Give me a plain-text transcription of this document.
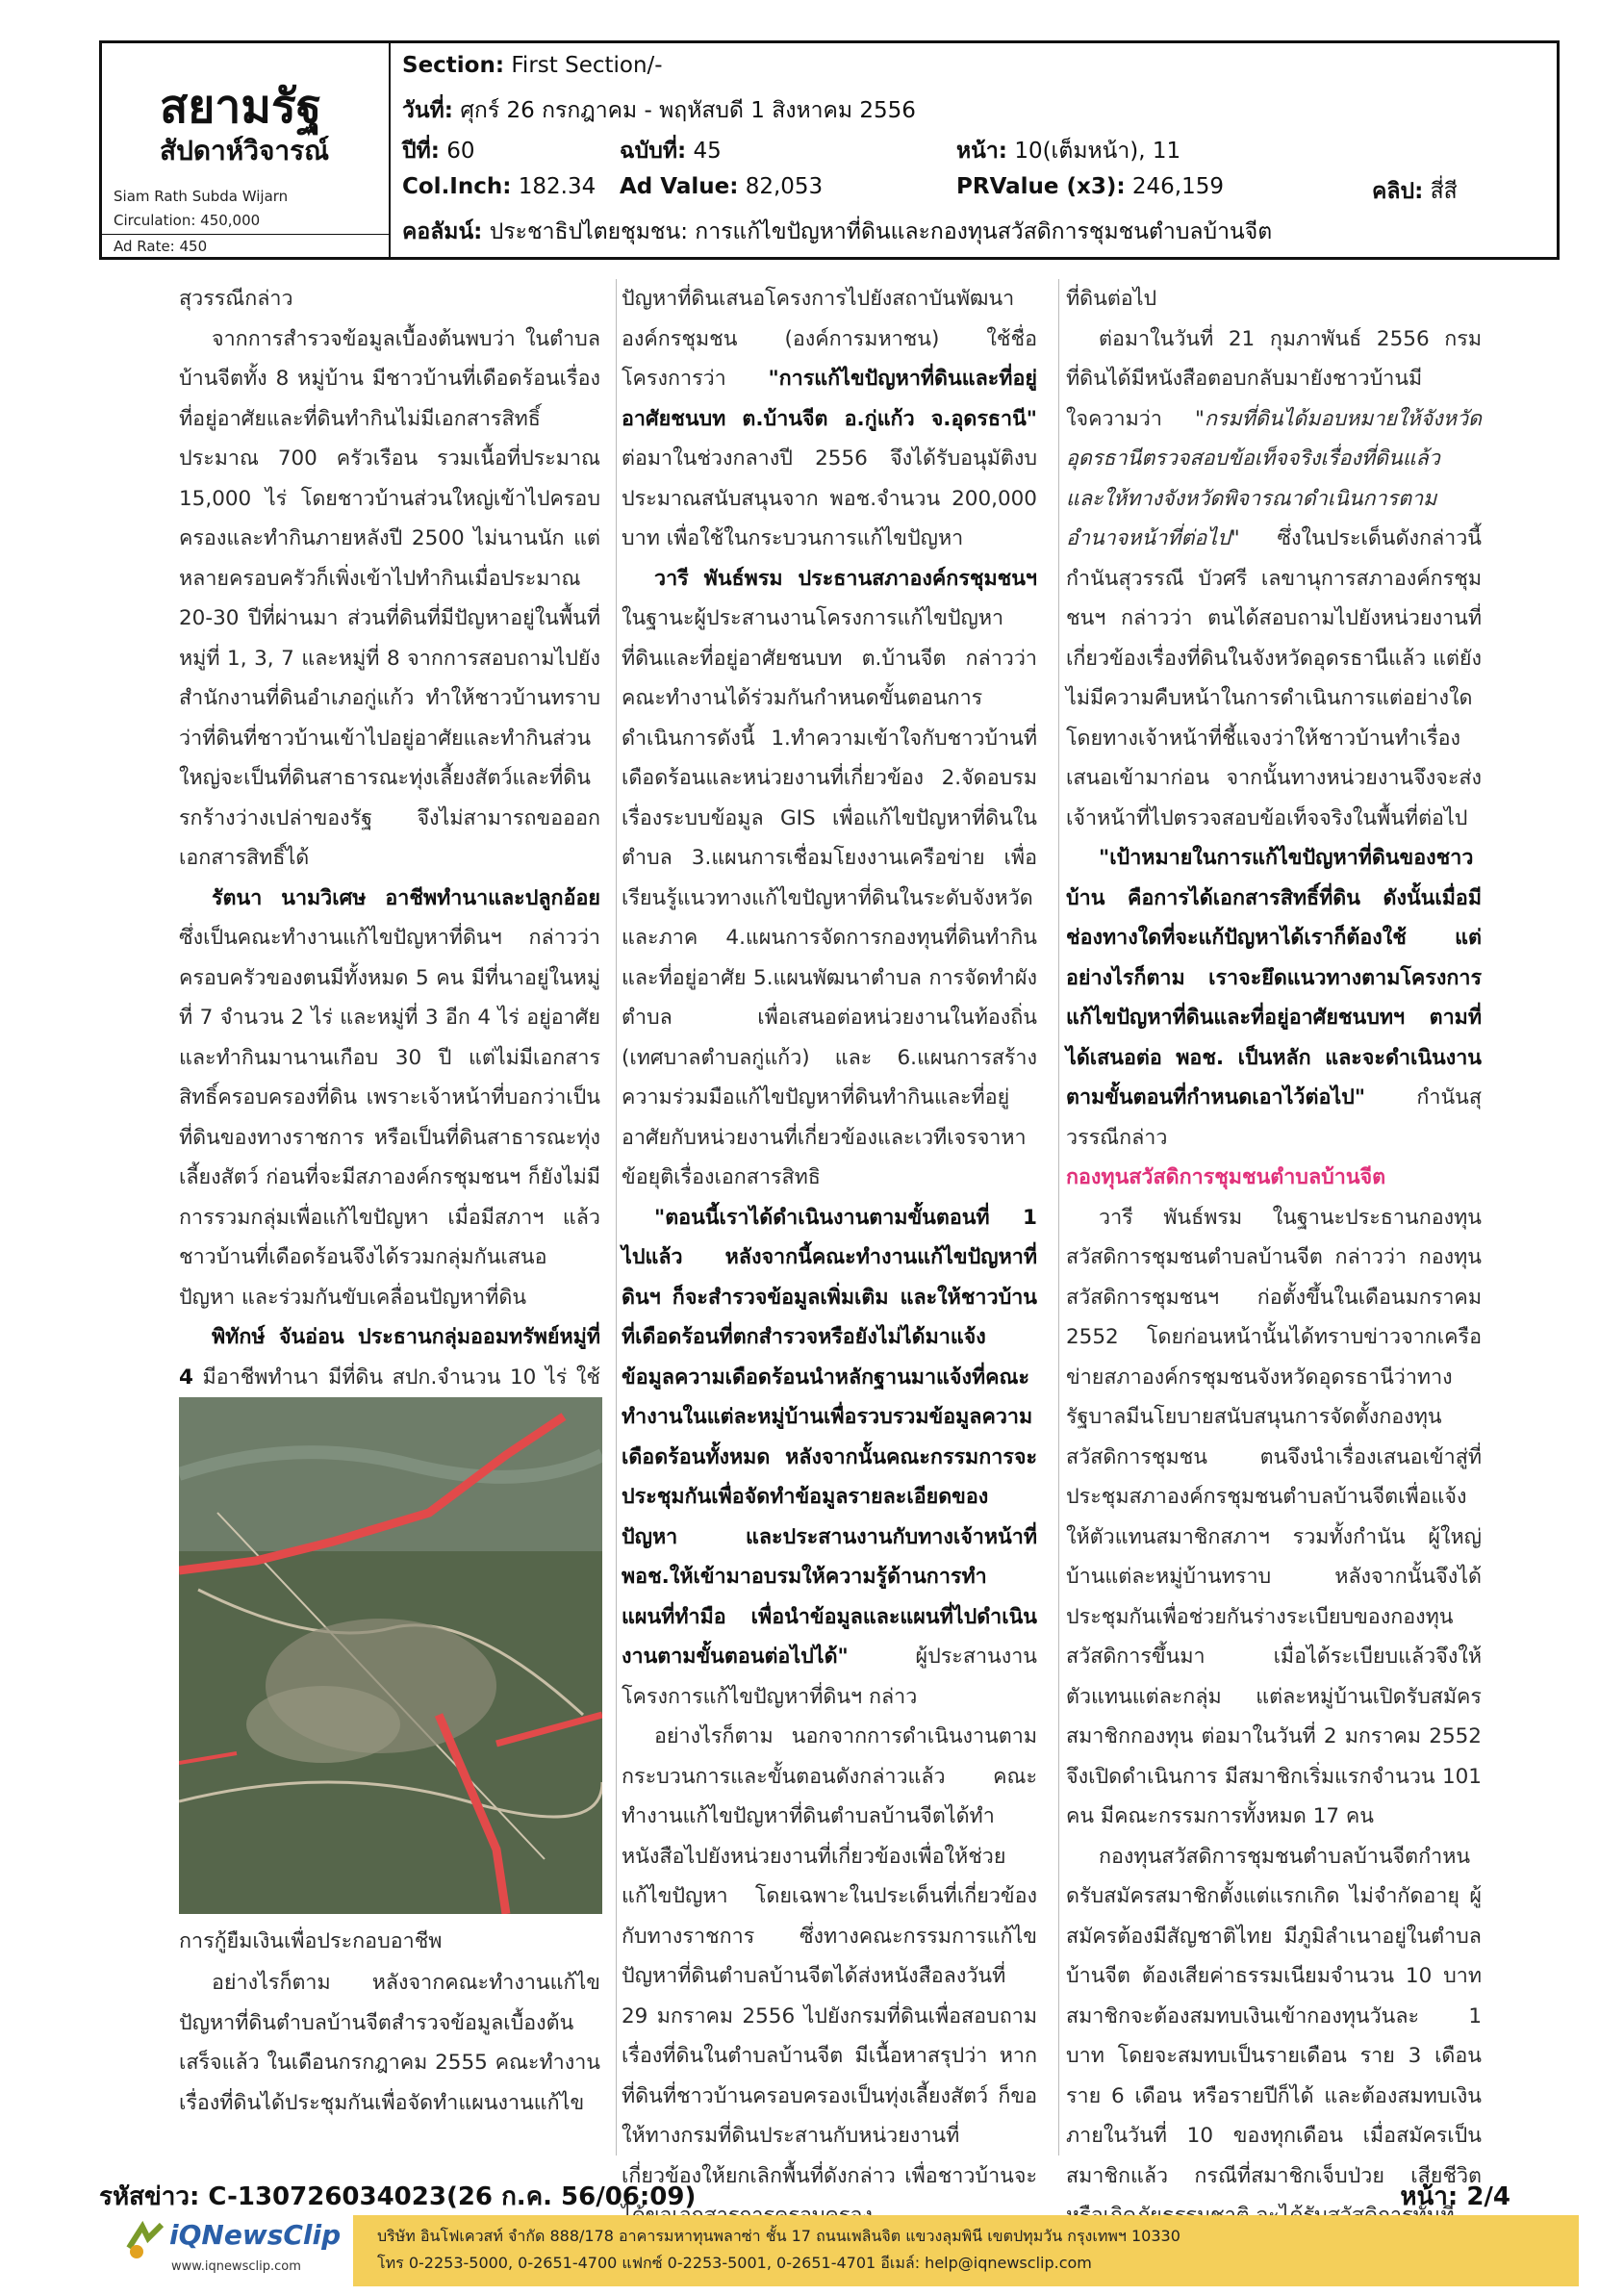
สยามรัฐ
สัปดาห์วิจารณ์
Siam Rath Subda Wijarn
Circulation: 450,000
Ad Rate: 450
Section: First Section/-
วันที่: ศุกร์ 26 กรกฎาคม - พฤหัสบดี 1 สิงหาคม 2556
ปีที่: 60	ฉบับที่: 45	หน้า: 10(เต็มหน้า), 11
Col.Inch: 182.34 Ad Value: 82,053	PRValue (x3): 246,159	คลิป: สี่สี
คอลัมน์: ประชาธิปไตยชุมชน: การแก้ไขปัญหาที่ดินและกองทุนสวัสดิการชุมชนตำบลบ้านจีต

สุวรรณีกล่าว

จากการสำรวจข้อมูลเบื้องต้นพบว่า ในตำบลบ้านจีตทั้ง 8 หมู่บ้าน มีชาวบ้านที่เดือดร้อนเรื่องที่อยู่อาศัยและที่ดินทำกินไม่มีเอกสารสิทธิ์ประมาณ 700 ครัวเรือน รวมเนื้อที่ประมาณ 15,000 ไร่ โดยชาวบ้านส่วนใหญ่เข้าไปครอบครองและทำกินภายหลังปี 2500 ไม่นานนัก แต่หลายครอบครัวก็เพิ่งเข้าไปทำกินเมื่อประมาณ 20-30 ปีที่ผ่านมา ส่วนที่ดินที่มีปัญหาอยู่ในพื้นที่หมู่ที่ 1, 3, 7 และหมู่ที่ 8 จากการสอบถามไปยังสำนักงานที่ดินอำเภอกู่แก้ว ทำให้ชาวบ้านทราบว่าที่ดินที่ชาวบ้านเข้าไปอยู่อาศัยและทำกินส่วนใหญ่จะเป็นที่ดินสาธารณะทุ่งเลี้ยงสัตว์และที่ดินรกร้างว่างเปล่าของรัฐ จึงไม่สามารถขอออกเอกสารสิทธิ์ได้

รัตนา นามวิเศษ อาชีพทำนาและปลูกอ้อย ซึ่งเป็นคณะทำงานแก้ไขปัญหาที่ดินฯ กล่าวว่า ครอบครัวของตนมีทั้งหมด 5 คน มีที่นาอยู่ในหมู่ที่ 7 จำนวน 2 ไร่ และหมู่ที่ 3 อีก 4 ไร่ อยู่อาศัยและทำกินมานานเกือบ 30 ปี แต่ไม่มีเอกสารสิทธิ์ครอบครองที่ดิน เพราะเจ้าหน้าที่บอกว่าเป็นที่ดินของทางราชการ หรือเป็นที่ดินสาธารณะทุ่งเลี้ยงสัตว์ ก่อนที่จะมีสภาองค์กรชุมชนฯ ก็ยังไม่มีการรวมกลุ่มเพื่อแก้ไขปัญหา เมื่อมีสภาฯ แล้วชาวบ้านที่เดือดร้อนจึงได้รวมกลุ่มกันเสนอปัญหา และร่วมกันขับเคลื่อนปัญหาที่ดิน

พิทักษ์ จันอ่อน ประธานกลุ่มออมทรัพย์หมู่ที่ 4 มีอาชีพทำนา มีที่ดิน สปก.จำนวน 10 ไร่ ใช้

การกู้ยืมเงินเพื่อประกอบอาชีพ

อย่างไรก็ตาม หลังจากคณะทำงานแก้ไขปัญหาที่ดินตำบลบ้านจีตสำรวจข้อมูลเบื้องต้นเสร็จแล้ว ในเดือนกรกฎาคม 2555 คณะทำงานเรื่องที่ดินได้ประชุมกันเพื่อจัดทำแผนงานแก้ไข

ปัญหาที่ดินเสนอโครงการไปยังสถาบันพัฒนาองค์กรชุมชน (องค์การมหาชน) ใช้ชื่อโครงการว่า "การแก้ไขปัญหาที่ดินและที่อยู่อาศัยชนบท ต.บ้านจีต อ.กู่แก้ว จ.อุดรธานี" ต่อมาในช่วงกลางปี 2556 จึงได้รับอนุมัติงบประมาณสนับสนุนจาก พอช.จำนวน 200,000 บาท เพื่อใช้ในกระบวนการแก้ไขปัญหา

วารี พันธ์พรม ประธานสภาองค์กรชุมชนฯ ในฐานะผู้ประสานงานโครงการแก้ไขปัญหาที่ดินและที่อยู่อาศัยชนบท ต.บ้านจีต กล่าวว่า คณะทำงานได้ร่วมกันกำหนดขั้นตอนการดำเนินการดังนี้ 1.ทำความเข้าใจกับชาวบ้านที่เดือดร้อนและหน่วยงานที่เกี่ยวข้อง 2.จัดอบรมเรื่องระบบข้อมูล GIS เพื่อแก้ไขปัญหาที่ดินในตำบล 3.แผนการเชื่อมโยงงานเครือข่าย เพื่อเรียนรู้แนวทางแก้ไขปัญหาที่ดินในระดับจังหวัดและภาค 4.แผนการจัดการกองทุนที่ดินทำกินและที่อยู่อาศัย 5.แผนพัฒนาตำบล การจัดทำผังตำบล เพื่อเสนอต่อหน่วยงานในท้องถิ่น (เทศบาลตำบลกู่แก้ว) และ 6.แผนการสร้างความร่วมมือแก้ไขปัญหาที่ดินทำกินและที่อยู่อาศัยกับหน่วยงานที่เกี่ยวข้องและเวทีเจรจาหาข้อยุติเรื่องเอกสารสิทธิ

"ตอนนี้เราได้ดำเนินงานตามขั้นตอนที่ 1 ไปแล้ว หลังจากนี้คณะทำงานแก้ไขปัญหาที่ดินฯ ก็จะสำรวจข้อมูลเพิ่มเติม และให้ชาวบ้านที่เดือดร้อนที่ตกสำรวจหรือยังไม่ได้มาแจ้งข้อมูลความเดือดร้อนนำหลักฐานมาแจ้งที่คณะทำงานในแต่ละหมู่บ้านเพื่อรวบรวมข้อมูลความเดือดร้อนทั้งหมด หลังจากนั้นคณะกรรมการจะประชุมกันเพื่อจัดทำข้อมูลรายละเอียดของปัญหา และประสานงานกับทางเจ้าหน้าที่ พอช.ให้เข้ามาอบรมให้ความรู้ด้านการทำแผนที่ทำมือ เพื่อนำข้อมูลและแผนที่ไปดำเนินงานตามขั้นตอนต่อไปได้" ผู้ประสานงานโครงการแก้ไขปัญหาที่ดินฯ กล่าว

อย่างไรก็ตาม นอกจากการดำเนินงานตามกระบวนการและขั้นตอนดังกล่าวแล้ว คณะทำงานแก้ไขปัญหาที่ดินตำบลบ้านจีตได้ทำหนังสือไปยังหน่วยงานที่เกี่ยวข้องเพื่อให้ช่วยแก้ไขปัญหา โดยเฉพาะในประเด็นที่เกี่ยวข้องกับทางราชการ ซึ่งทางคณะกรรมการแก้ไขปัญหาที่ดินตำบลบ้านจีตได้ส่งหนังสือลงวันที่ 29 มกราคม 2556 ไปยังกรมที่ดินเพื่อสอบถามเรื่องที่ดินในตำบลบ้านจีต มีเนื้อหาสรุปว่า หากที่ดินที่ชาวบ้านครอบครองเป็นทุ่งเลี้ยงสัตว์ ก็ขอให้ทางกรมที่ดินประสานกับหน่วยงานที่เกี่ยวข้องให้ยกเลิกพื้นที่ดังกล่าว เพื่อชาวบ้านจะ

ที่ดินต่อไป

ต่อมาในวันที่ 21 กุมภาพันธ์ 2556 กรมที่ดินได้มีหนังสือตอบกลับมายังชาวบ้านมีใจความว่า "กรมที่ดินได้มอบหมายให้จังหวัดอุดรธานีตรวจสอบข้อเท็จจริงเรื่องที่ดินแล้ว และให้ทางจังหวัดพิจารณาดำเนินการตามอำนาจหน้าที่ต่อไป" ซึ่งในประเด็นดังกล่าวนี้ กำนันสุวรรณี บัวศรี เลขานุการสภาองค์กรชุมชนฯ กล่าวว่า ตนได้สอบถามไปยังหน่วยงานที่เกี่ยวข้องเรื่องที่ดินในจังหวัดอุดรธานีแล้ว แต่ยังไม่มีความคืบหน้าในการดำเนินการแต่อย่างใด โดยทางเจ้าหน้าที่ชี้แจงว่าให้ชาวบ้านทำเรื่องเสนอเข้ามาก่อน จากนั้นทางหน่วยงานจึงจะส่งเจ้าหน้าที่ไปตรวจสอบข้อเท็จจริงในพื้นที่ต่อไป

"เป้าหมายในการแก้ไขปัญหาที่ดินของชาวบ้าน คือการได้เอกสารสิทธิ์ที่ดิน ดังนั้นเมื่อมีช่องทางใดที่จะแก้ปัญหาได้เราก็ต้องใช้ แต่อย่างไรก็ตาม เราจะยึดแนวทางตามโครงการแก้ไขปัญหาที่ดินและที่อยู่อาศัยชนบทฯ ตามที่ได้เสนอต่อ พอช. เป็นหลัก และจะดำเนินงานตามขั้นตอนที่กำหนดเอาไว้ต่อไป" กำนันสุวรรณีกล่าว

กองทุนสวัสดิการชุมชนตำบลบ้านจีต

วารี พันธ์พรม ในฐานะประธานกองทุนสวัสดิการชุมชนตำบลบ้านจีต กล่าวว่า กองทุนสวัสดิการชุมชนฯ ก่อตั้งขึ้นในเดือนมกราคม 2552 โดยก่อนหน้านั้นได้ทราบข่าวจากเครือข่ายสภาองค์กรชุมชนจังหวัดอุดรธานีว่าทางรัฐบาลมีนโยบายสนับสนุนการจัดตั้งกองทุนสวัสดิการชุมชน ตนจึงนำเรื่องเสนอเข้าสู่ที่ประชุมสภาองค์กรชุมชนตำบลบ้านจีตเพื่อแจ้งให้ตัวแทนสมาชิกสภาฯ รวมทั้งกำนัน ผู้ใหญ่บ้านแต่ละหมู่บ้านทราบ หลังจากนั้นจึงได้ประชุมกันเพื่อช่วยกันร่างระเบียบของกองทุนสวัสดิการขึ้นมา เมื่อได้ระเบียบแล้วจึงให้ตัวแทนแต่ละกลุ่ม แต่ละหมู่บ้านเปิดรับสมัครสมาชิกกองทุน ต่อมาในวันที่ 2 มกราคม 2552 จึงเปิดดำเนินการ มีสมาชิกเริ่มแรกจำนวน 101 คน มีคณะกรรมการทั้งหมด 17 คน

กองทุนสวัสดิการชุมชนตำบลบ้านจีตกำหนดรับสมัครสมาชิกตั้งแต่แรกเกิด ไม่จำกัดอายุ ผู้สมัครต้องมีสัญชาติไทย มีภูมิลำเนาอยู่ในตำบลบ้านจีต ต้องเสียค่าธรรมเนียมจำนวน 10 บาท สมาชิกจะต้องสมทบเงินเข้ากองทุนวันละ 1 บาท โดยจะสมทบเป็นรายเดือน ราย 3 เดือน ราย 6 เดือน หรือรายปีก็ได้ และต้องสมทบเงินภายในวันที่ 10 ของทุกเดือน เมื่อสมัครเป็นสมาชิกแล้ว กรณีที่สมาชิกเจ็บป่วย เสียชีวิต

รหัสข่าว: C-130726034023(26 ก.ค. 56/06:09)	หน้า: 2/4
iQNewsClip
www.iqnewsclip.com
บริษัท อินโฟเควสท์ จำกัด 888/178 อาคารมหาทุนพลาซ่า ชั้น 17 ถนนเพลินจิต แขวงลุมพินี เขตปทุมวัน กรุงเทพฯ 10330
โทร 0-2253-5000, 0-2651-4700 แฟกซ์ 0-2253-5001, 0-2651-4701 อีเมล์: help@iqnewsclip.com
